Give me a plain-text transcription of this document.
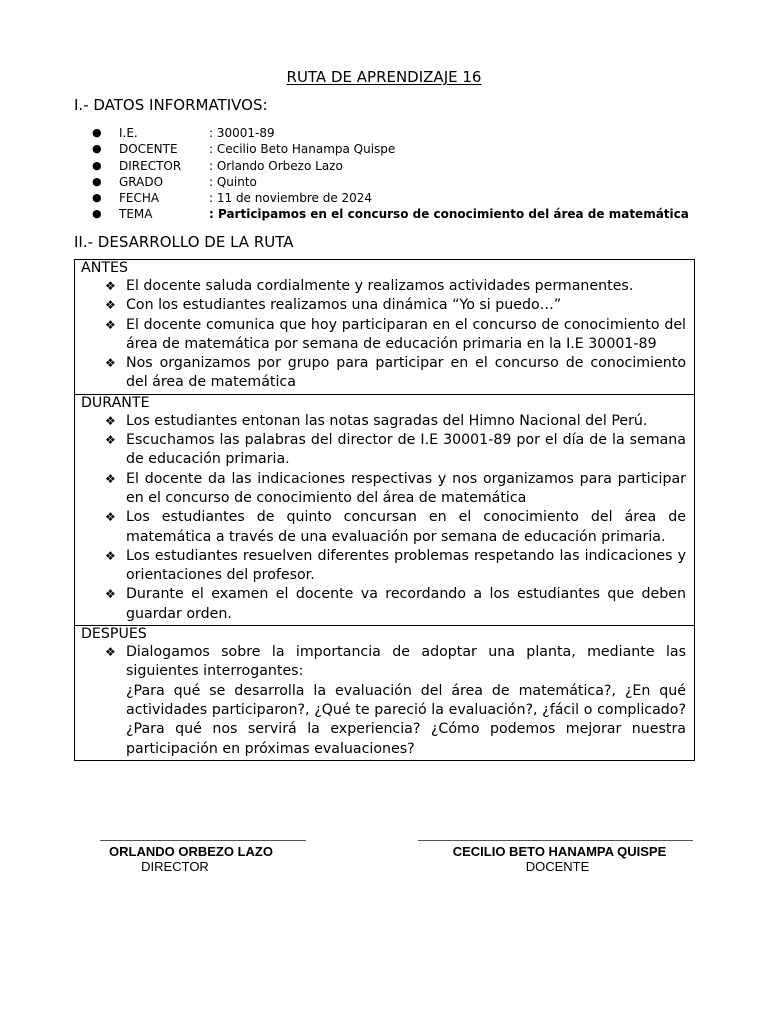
RUTA DE APRENDIZAJE 16
I.- DATOS INFORMATIVOS:
●	I.E.	: 30001-89
●	DOCENTE	: Cecilio Beto Hanampa Quispe
●	DIRECTOR	: Orlando Orbezo Lazo
●	GRADO	: Quinto
●	FECHA	: 11 de noviembre de 2024
●	TEMA	: Participamos en el concurso de conocimiento del área de matemática
II.- DESARROLLO DE LA RUTA
ANTES
❖ El docente saluda cordialmente y realizamos actividades permanentes.
❖ Con los estudiantes realizamos una dinámica “Yo si puedo…”
❖ El docente comunica que hoy participaran en el concurso de conocimiento del área de matemática por semana de educación primaria en la I.E 30001-89
❖ Nos organizamos por grupo para participar en el concurso de conocimiento del área de matemática
DURANTE
❖ Los estudiantes entonan las notas sagradas del Himno Nacional del Perú.
❖ Escuchamos las palabras del director de I.E 30001-89 por el día de la semana de educación primaria.
❖ El docente da las indicaciones respectivas y nos organizamos para participar en el concurso de conocimiento del área de matemática
❖ Los estudiantes de quinto concursan en el conocimiento del área de matemática a través de una evaluación por semana de educación primaria.
❖ Los estudiantes resuelven diferentes problemas respetando las indicaciones y orientaciones del profesor.
❖ Durante el examen el docente va recordando a los estudiantes que deben guardar orden.
DESPUES
❖ Dialogamos sobre la importancia de adoptar una planta, mediante las siguientes interrogantes:

¿Para qué se desarrolla la evaluación del área de matemática?, ¿En qué actividades participaron?, ¿Qué te pareció la evaluación?, ¿fácil o complicado? ¿Para qué nos servirá la experiencia? ¿Cómo podemos mejorar nuestra participación en próximas evaluaciones?

ORLANDO ORBEZO LAZO
DIRECTOR
CECILIO BETO HANAMPA QUISPE
DOCENTE
